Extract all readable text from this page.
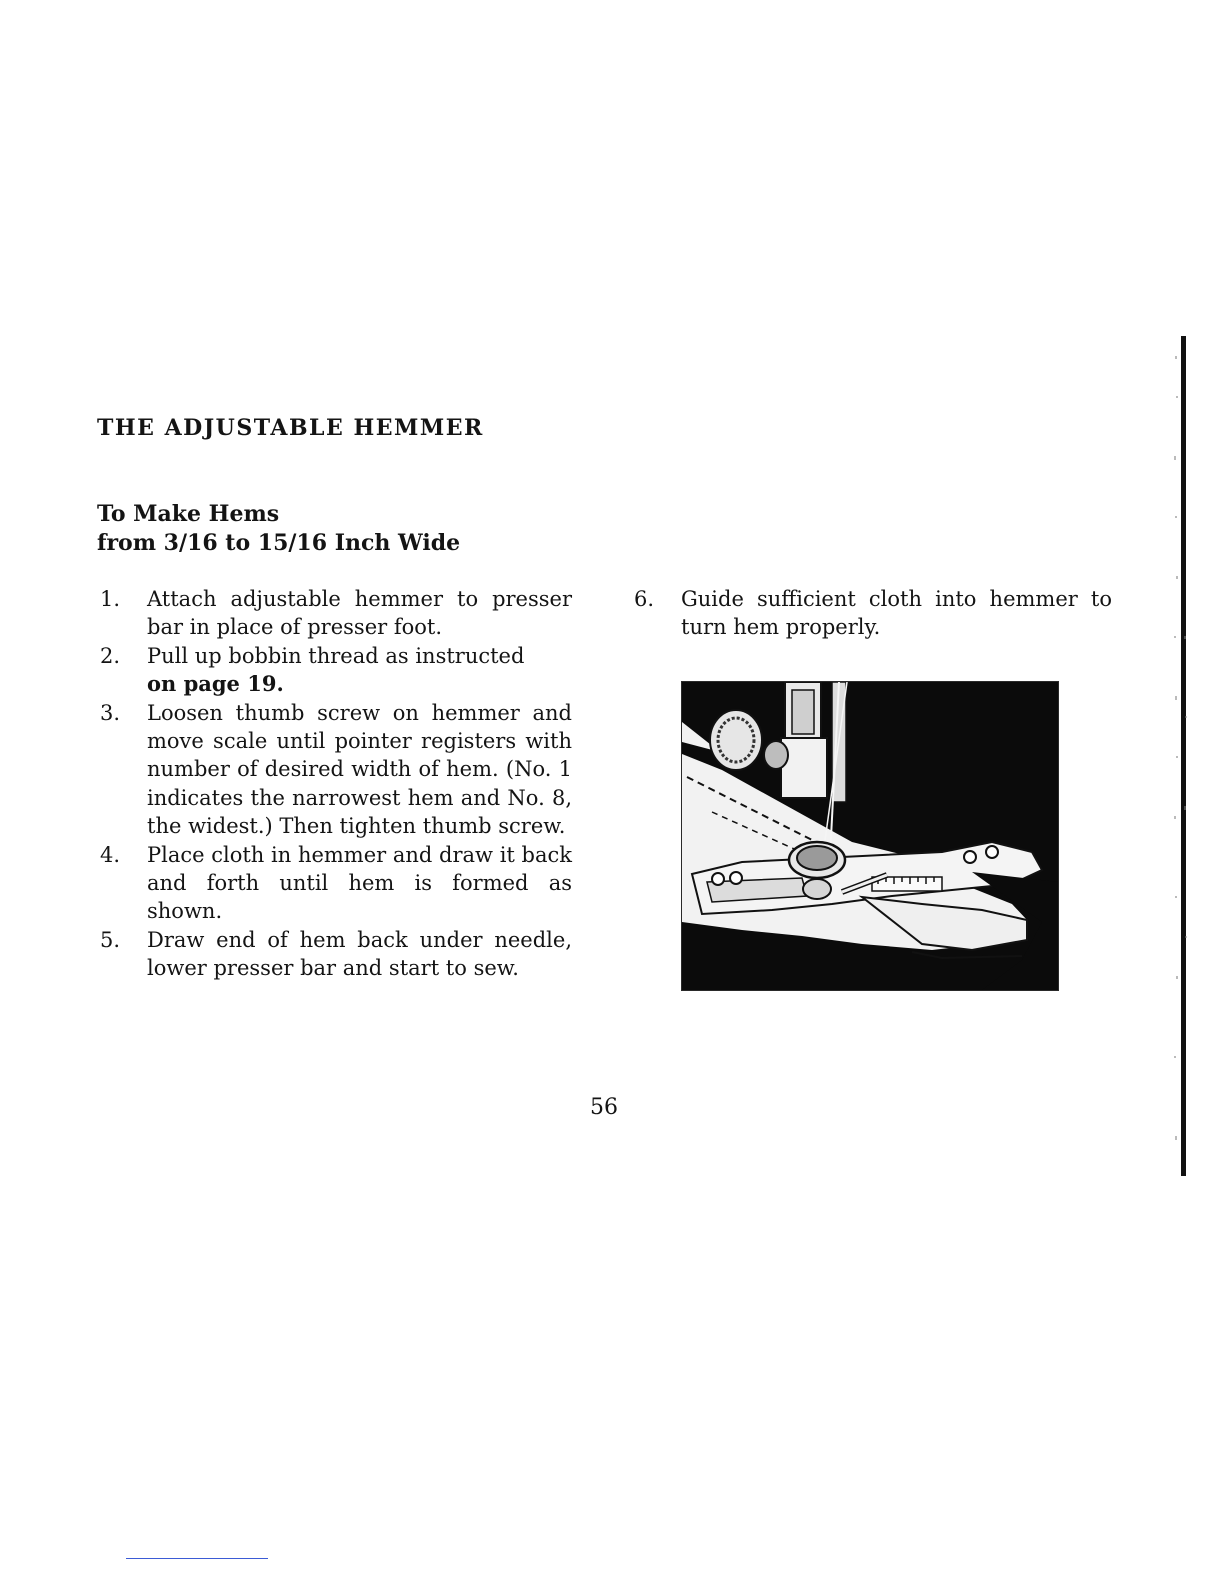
THE ADJUSTABLE HEMMER
To Make Hems
from 3/16 to 15/16 Inch Wide
1.	Attach adjustable hemmer to presser bar in place of presser foot.
2.	Pull up bobbin thread as instructed
on page 19.
3.	Loosen thumb screw on hemmer and move scale until pointer registers with number of desired width of hem. (No. 1 indicates the narrowest hem and No. 8, the widest.) Then tighten thumb screw.
4.	Place cloth in hemmer and draw it back and forth until hem is formed as shown.
5.	Draw end of hem back under needle, lower presser bar and start to sew.
6.	Guide sufficient cloth into hemmer to turn hem properly.
56
